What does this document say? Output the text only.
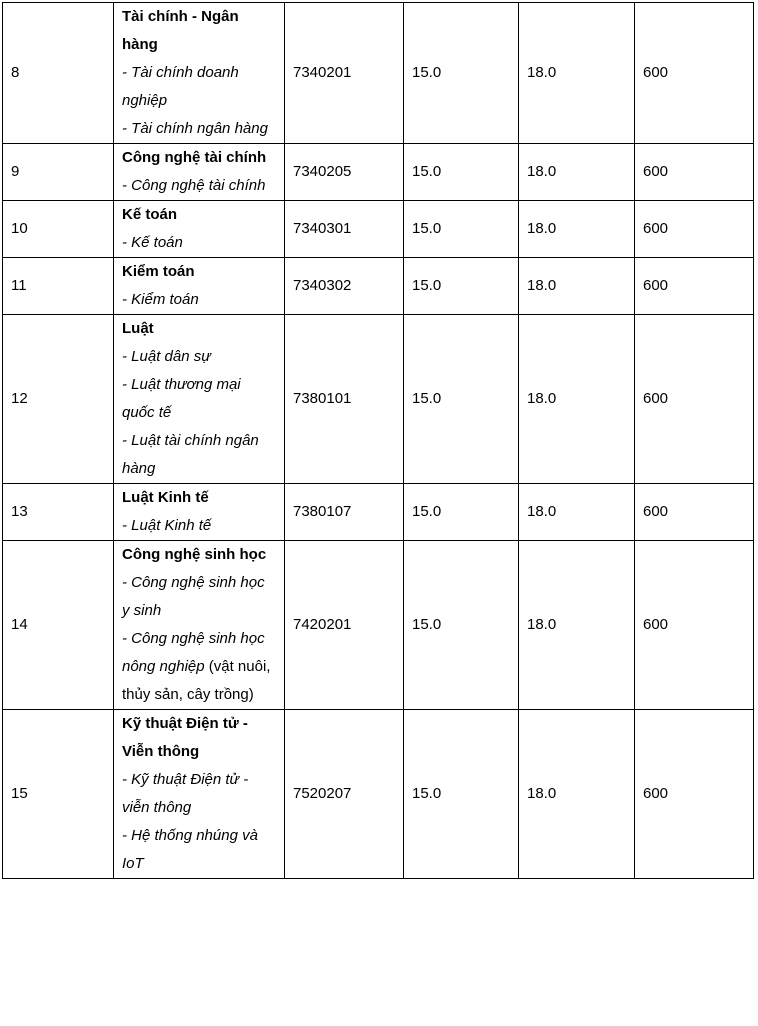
8	Tài chính - Ngân hàng
- Tài chính doanh nghiệp
- Tài chính ngân hàng	7340201	15.0	18.0	600
9	Công nghệ tài chính
- Công nghệ tài chính	7340205	15.0	18.0	600
10	Kế toán
- Kế toán	7340301	15.0	18.0	600
11	Kiểm toán
- Kiểm toán	7340302	15.0	18.0	600
12	Luật
- Luật dân sự
- Luật thương mại quốc tế
- Luật tài chính ngân hàng	7380101	15.0	18.0	600
13	Luật Kinh tế
- Luật Kinh tế	7380107	15.0	18.0	600
14	Công nghệ sinh học
- Công nghệ sinh học y sinh
- Công nghệ sinh học nông nghiệp (vật nuôi, thủy sản, cây trồng)	7420201	15.0	18.0	600
15	Kỹ thuật Điện tử - Viễn thông
- Kỹ thuật Điện tử - viễn thông
- Hệ thống nhúng và IoT	7520207	15.0	18.0	600
